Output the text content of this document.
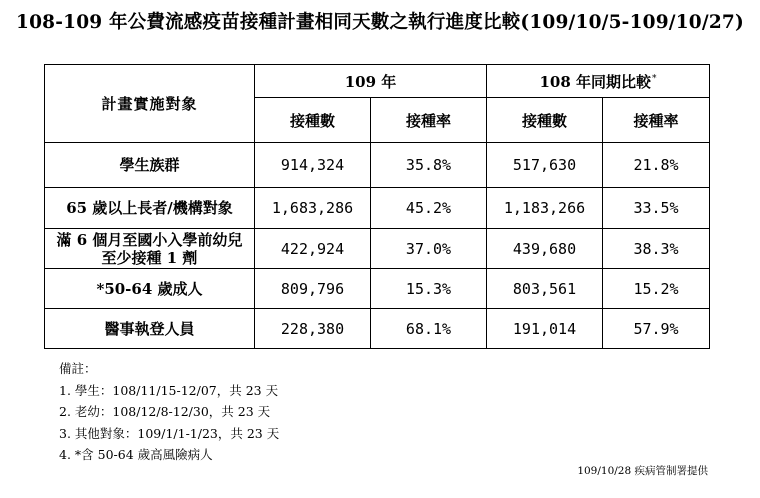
108-109 年公費流感疫苗接種計畫相同天數之執行進度比較(109/10/5-109/10/27)
計畫實施對象	109 年		108 年同期比較*
	接種數	接種率	接種數	接種率
學生族群	914,324	35.8%	517,630	21.8%
65 歲以上長者/機構對象	1,683,286	45.2%	1,183,266	33.5%

滿 6 個月至國小入學前幼兒
至少接種 1 劑	422,924	37.0%	439,680	38.3%
*50-64 歲成人	809,796	15.3%	803,561	15.2%
醫事執登人員	228,380	68.1%	191,014	57.9%
備註：
1. 學生：108/11/15-12/07，共 23 天
2. 老幼：108/12/8-12/30，共 23 天
3. 其他對象：109/1/1-1/23，共 23 天
4. *含 50-64 歲高風險病人
109/10/28 疾病管制署提供
